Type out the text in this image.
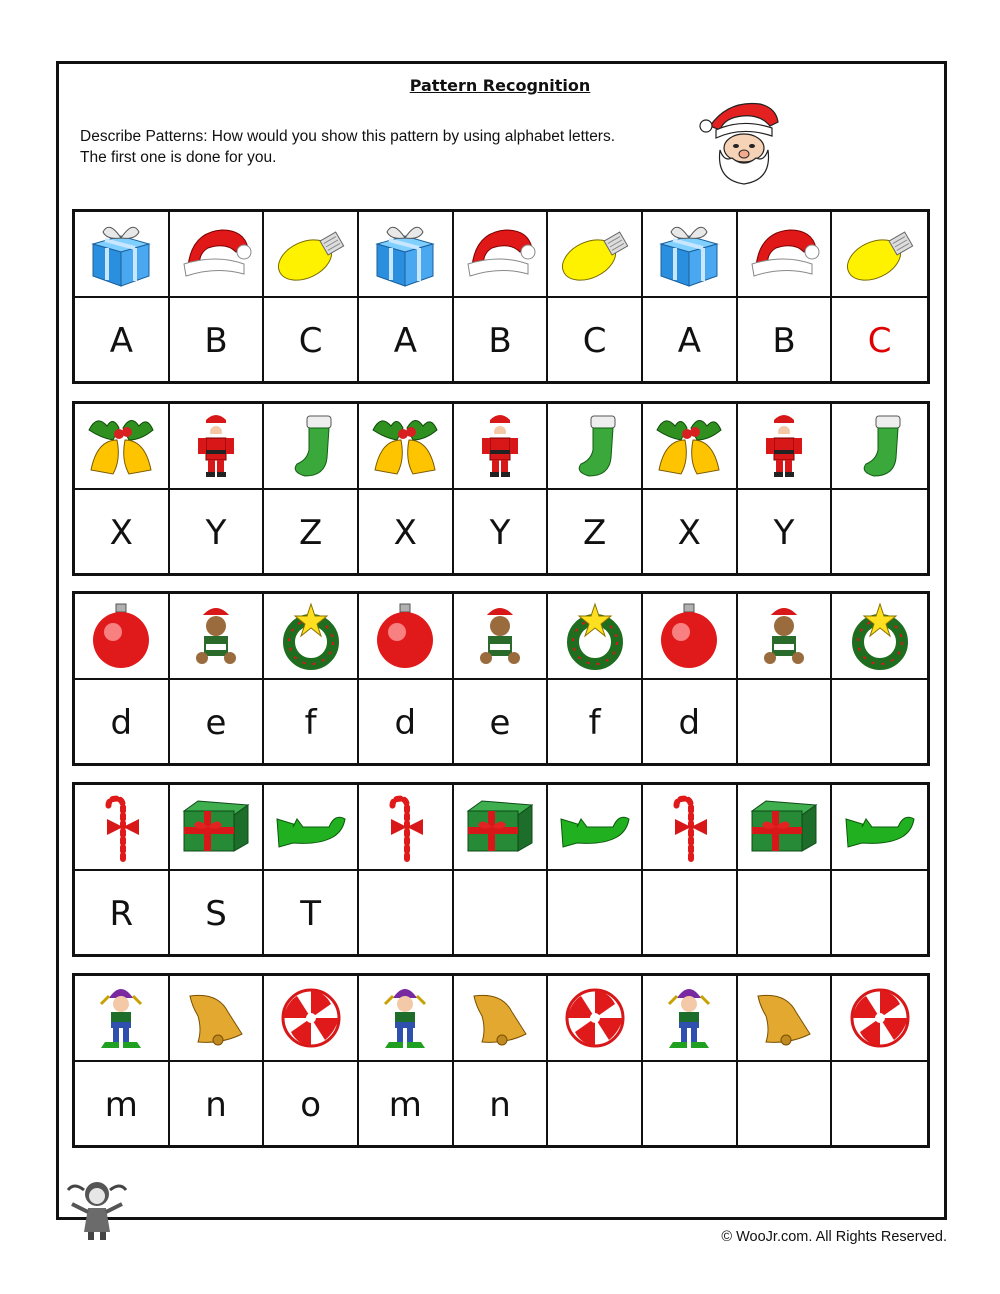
Pattern Recognition
Describe Patterns: How would you show this pattern by using alphabet letters.
The first one is done for you.
A B C A B C A B C
X Y Z X Y Z X Y
d e f d e f d
R S T
m n o m n
© WooJr.com. All Rights Reserved.
